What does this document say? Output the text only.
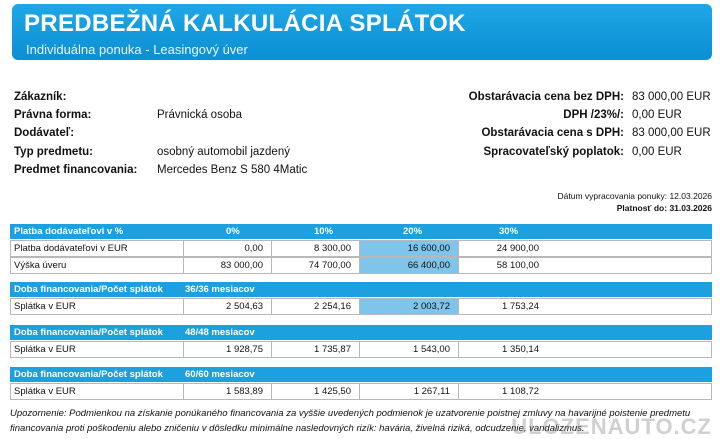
PREDBEŽNÁ KALKULÁCIA SPLÁTOK
Individuálna ponuka - Leasingový úver
Zákazník:
Právna forma:	Právnická osoba
Dodávateľ:
Typ predmetu:	osobný automobil jazdený
Predmet financovania: Mercedes Benz S 580 4Matic
Obstarávacia cena bez DPH: 83 000,00 EUR
DPH /23%/: 0,00 EUR
Obstarávacia cena s DPH: 83 000,00 EUR
Spracovateľský poplatok: 0,00 EUR
Dátum vypracovania ponuky: 12.03.2026
Platnosť do: 31.03.2026
Platba dodávateľovi v %	0%	10%	20%	30%
Platba dodávateľovi v EUR	0,00	8 300,00	16 600,00	24 900,00
Výška úveru	83 000,00	74 700,00	66 400,00	58 100,00
Doba financovania/Počet splátok 36/36 mesiacov
Splátka v EUR	2 504,63	2 254,16	2 003,72	1 753,24
Doba financovania/Počet splátok 48/48 mesiacov
Splátka v EUR	1 928,75	1 735,87	1 543,00	1 350,14
Doba financovania/Počet splátok 60/60 mesiacov
Splátka v EUR	1 583,89	1 425,50	1 267,11	1 108,72
Upozornenie: Podmienkou na získanie ponúkaného financovania za vyššie uvedených podmienok je uzatvorenie poistnej zmluvy na havarijné poistenie predmetu financovania proti poškodeniu alebo zničeniu v dôsledku minimálne nasledovných rizík: havária, živelná riziká, odcudzenie, vandalizmus.
ULOZENAUTO.CZ
